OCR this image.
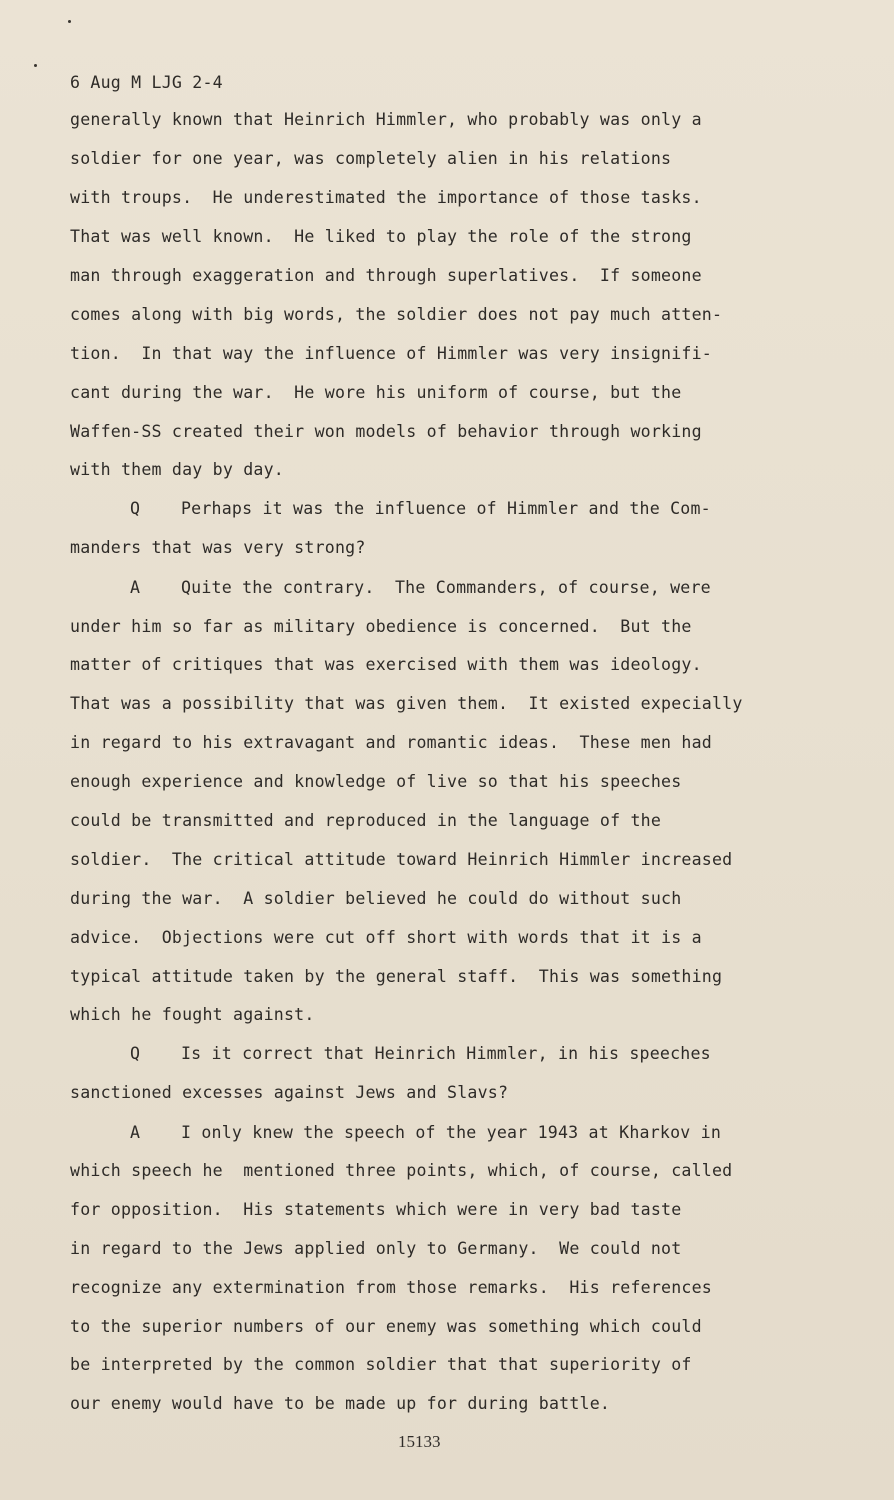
6 Aug M LJG 2-4

generally known that Heinrich Himmler, who probably was only a

soldier for one year, was completely alien in his relations

with troups.  He underestimated the importance of those tasks.

That was well known.  He liked to play the role of the strong

man through exaggeration and through superlatives.  If someone

comes along with big words, the soldier does not pay much atten-

tion.  In that way the influence of Himmler was very insignifi-

cant during the war.  He wore his uniform of course, but the

Waffen-SS created their won models of behavior through working

with them day by day.

Q    Perhaps it was the influence of Himmler and the Com-

manders that was very strong?

A    Quite the contrary.  The Commanders, of course, were

under him so far as military obedience is concerned.  But the

matter of critiques that was exercised with them was ideology.

That was a possibility that was given them.  It existed expecially

in regard to his extravagant and romantic ideas.  These men had

enough experience and knowledge of live so that his speeches

could be transmitted and reproduced in the language of the

soldier.  The critical attitude toward Heinrich Himmler increased

during the war.  A soldier believed he could do without such

advice.  Objections were cut off short with words that it is a

typical attitude taken by the general staff.  This was something

which he fought against.

Q    Is it correct that Heinrich Himmler, in his speeches

sanctioned excesses against Jews and Slavs?

A    I only knew the speech of the year 1943 at Kharkov in

which speech he  mentioned three points, which, of course, called

for opposition.  His statements which were in very bad taste

in regard to the Jews applied only to Germany.  We could not

recognize any extermination from those remarks.  His references

to the superior numbers of our enemy was something which could

be interpreted by the common soldier that that superiority of

our enemy would have to be made up for during battle.

15133
